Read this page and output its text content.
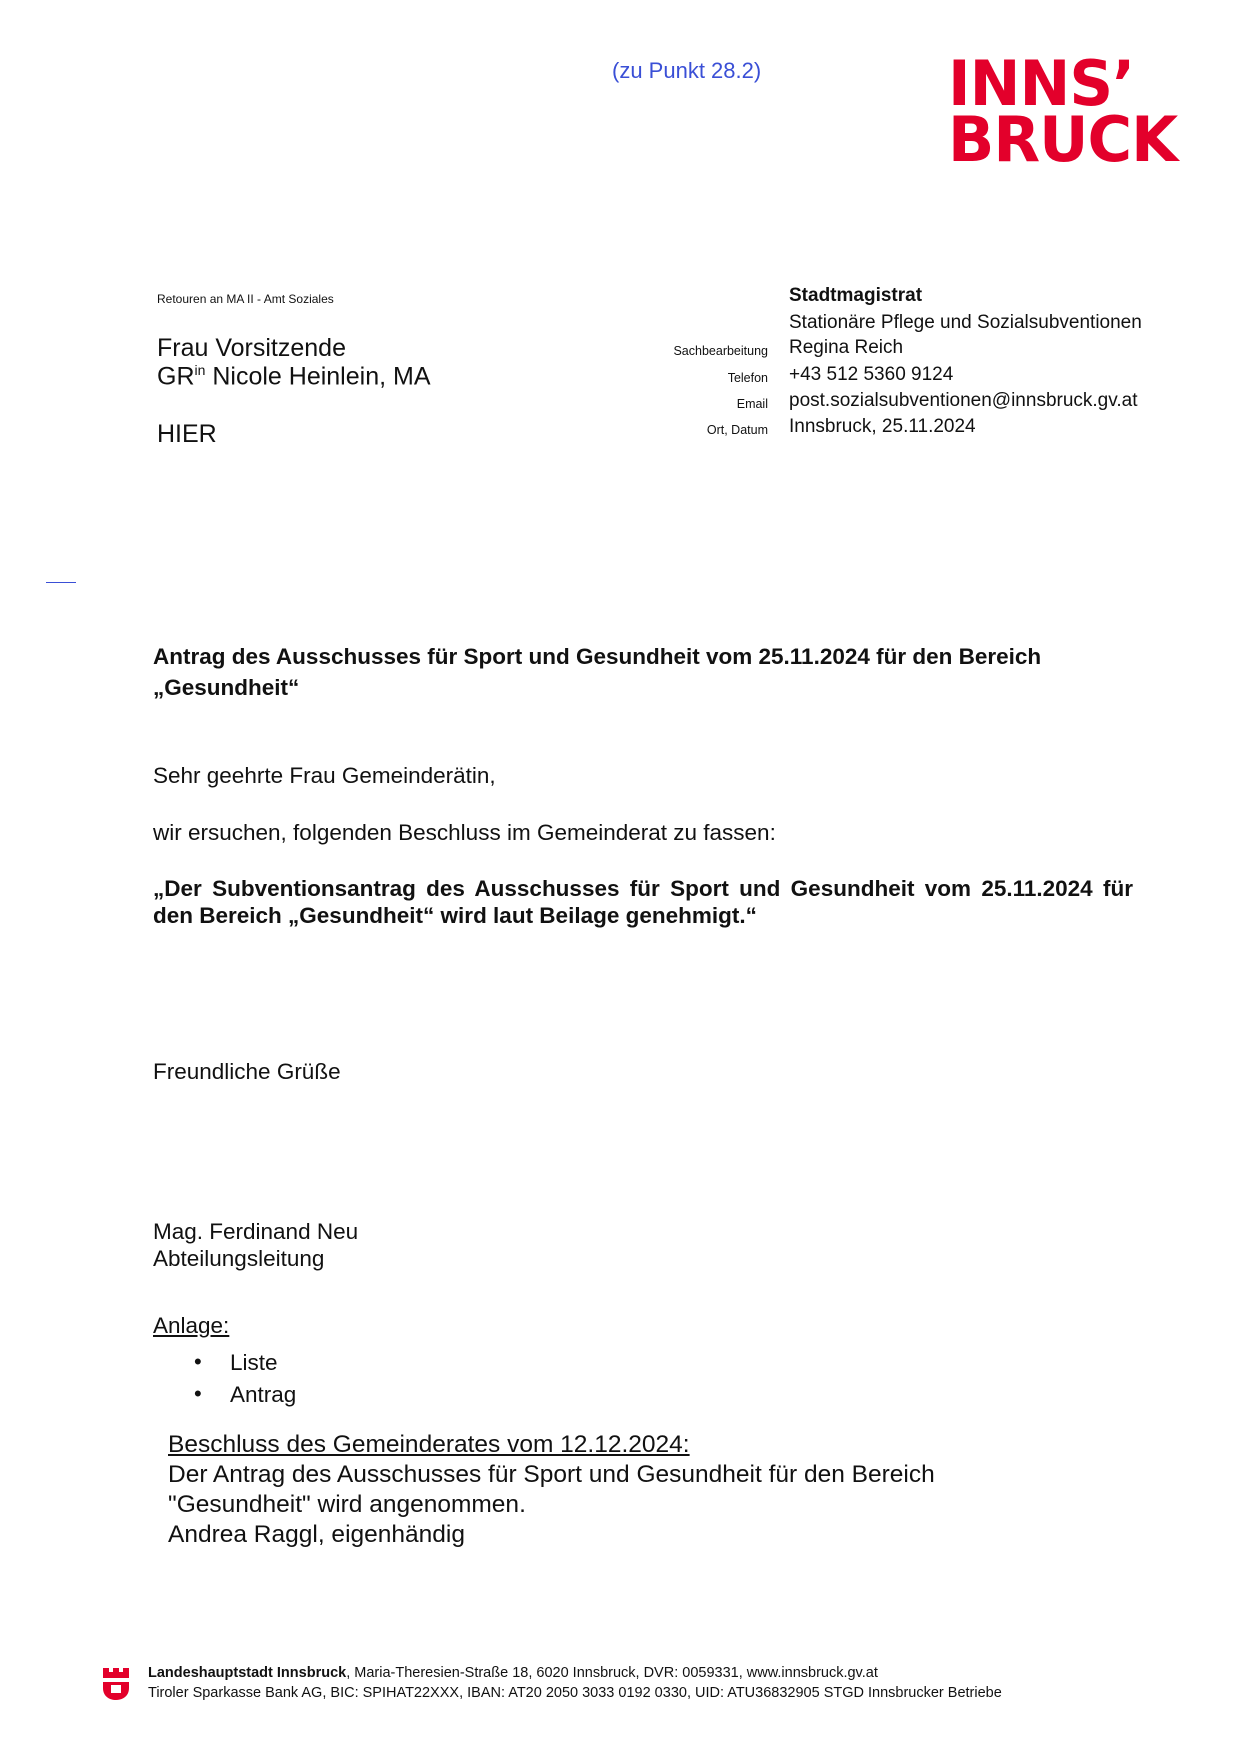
(zu Punkt 28.2)	INNS’
BRUCK
Retouren an MA II - Amt Soziales
Frau Vorsitzende
$GR^{in}$ Nicole Heinlein, MA
HIER
Stadtmagistrat
Stationäre Pflege und Sozialsubventionen
Sachbearbeitung Regina Reich
Telefon +43 512 5360 9124
Email post.sozialsubventionen@innsbruck.gv.at
Ort, Datum Innsbruck, 25.11.2024
Antrag des Ausschusses für Sport und Gesundheit vom 25.11.2024 für den Bereich „Gesundheit“
Sehr geehrte Frau Gemeinderätin,
wir ersuchen, folgenden Beschluss im Gemeinderat zu fassen:
„Der Subventionsantrag des Ausschusses für Sport und Gesundheit vom 25.11.2024 für
den Bereich „Gesundheit“ wird laut Beilage genehmigt.“
Freundliche Grüße
Mag. Ferdinand Neu
Abteilungsleitung
Anlage:
• Liste
• Antrag
Beschluss des Gemeinderates vom 12.12.2024:
Der Antrag des Ausschusses für Sport und Gesundheit für den Bereich
"Gesundheit" wird angenommen.
Andrea Raggl, eigenhändig
Landeshauptstadt Innsbruck, Maria-Theresien-Straße 18, 6020 Innsbruck, DVR: 0059331, www.innsbruck.gv.at
Tiroler Sparkasse Bank AG, BIC: SPIHAT22XXX, IBAN: AT20 2050 3033 0192 0330, UID: ATU36832905 STGD Innsbrucker Betriebe
